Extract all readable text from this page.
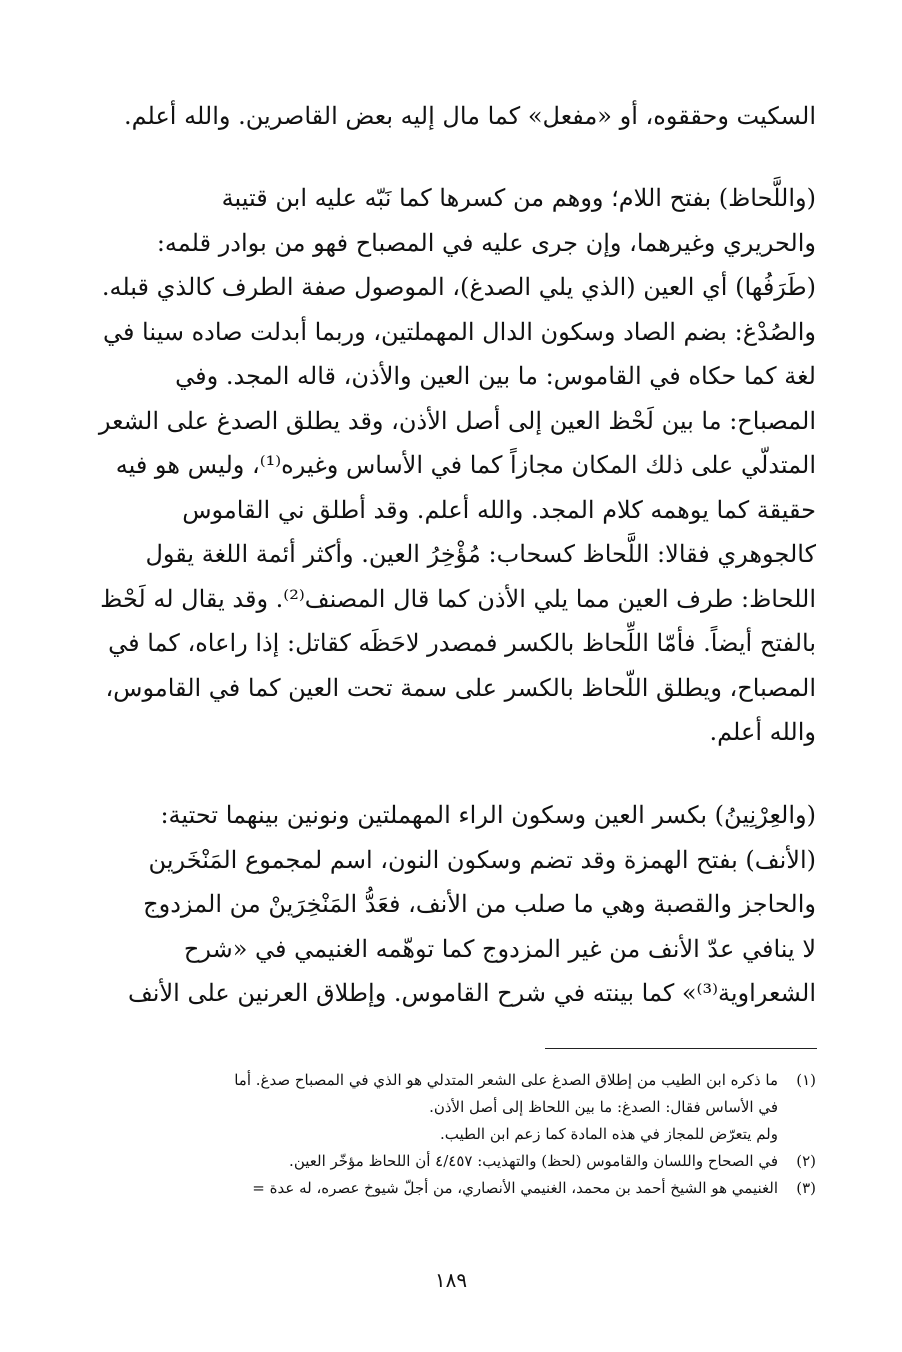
السكيت وحققوه، أو «مفعل» كما مال إليه بعض القاصرين. والله أعلم.
(واللَّحاظ) بفتح اللام؛ ووهم من كسرها كما نَبّه عليه ابن قتيبة
والحريري وغيرهما، وإن جرى عليه في المصباح فهو من بوادر قلمه:
(طَرَفُها) أي العين (الذي يلي الصدغ)، الموصول صفة الطرف كالذي قبله.
والصُدْغ: بضم الصاد وسكون الدال المهملتين، وربما أبدلت صاده سينا في
لغة كما حكاه في القاموس: ما بين العين والأذن، قاله المجد. وفي
المصباح: ما بين لَحْظ العين إلى أصل الأذن، وقد يطلق الصدغ على الشعر
المتدلّي على ذلك المكان مجازاً كما في الأساس وغيره⁽¹⁾، وليس هو فيه
حقيقة كما يوهمه كلام المجد. والله أعلم. وقد أطلق ني القاموس
كالجوهري فقالا: اللَّحاظ كسحاب: مُؤْخِرُ العين. وأكثر أئمة اللغة يقول
اللحاظ: طرف العين مما يلي الأذن كما قال المصنف⁽²⁾. وقد يقال له لَحْظ
بالفتح أيضاً. فأمّا اللِّحاظ بالكسر فمصدر لاحَظَه كقاتل: إذا راعاه، كما في
المصباح، ويطلق اللّحاظ بالكسر على سمة تحت العين كما في القاموس،
والله أعلم.
(والعِرْنِينُ) بكسر العين وسكون الراء المهملتين ونونين بينهما تحتية:
(الأنف) بفتح الهمزة وقد تضم وسكون النون، اسم لمجموع المَنْخَرين
والحاجز والقصبة وهي ما صلب من الأنف، فعَدُّ المَنْخِرَينْ من المزدوج
لا ينافي عدّ الأنف من غير المزدوج كما توهّمه الغنيمي في «شرح
الشعراوية⁽³⁾» كما بينته في شرح القاموس. وإطلاق العرنين على الأنف
(١)
ما ذكره ابن الطيب من إطلاق الصدغ على الشعر المتدلي هو الذي في المصباح صدغ. أما
في الأساس فقال: الصدغ: ما بين اللحاظ إلى أصل الأذن.
ولم يتعرّض للمجاز في هذه المادة كما زعم ابن الطيب.
(٢)
في الصحاح واللسان والقاموس (لحظ) والتهذيب: ٤/٤٥٧ أن اللحاظ مؤخّر العين.
(٣)
الغنيمي هو الشيخ أحمد بن محمد، الغنيمي الأنصاري، من أجلّ شيوخ عصره، له عدة =
١٨٩
